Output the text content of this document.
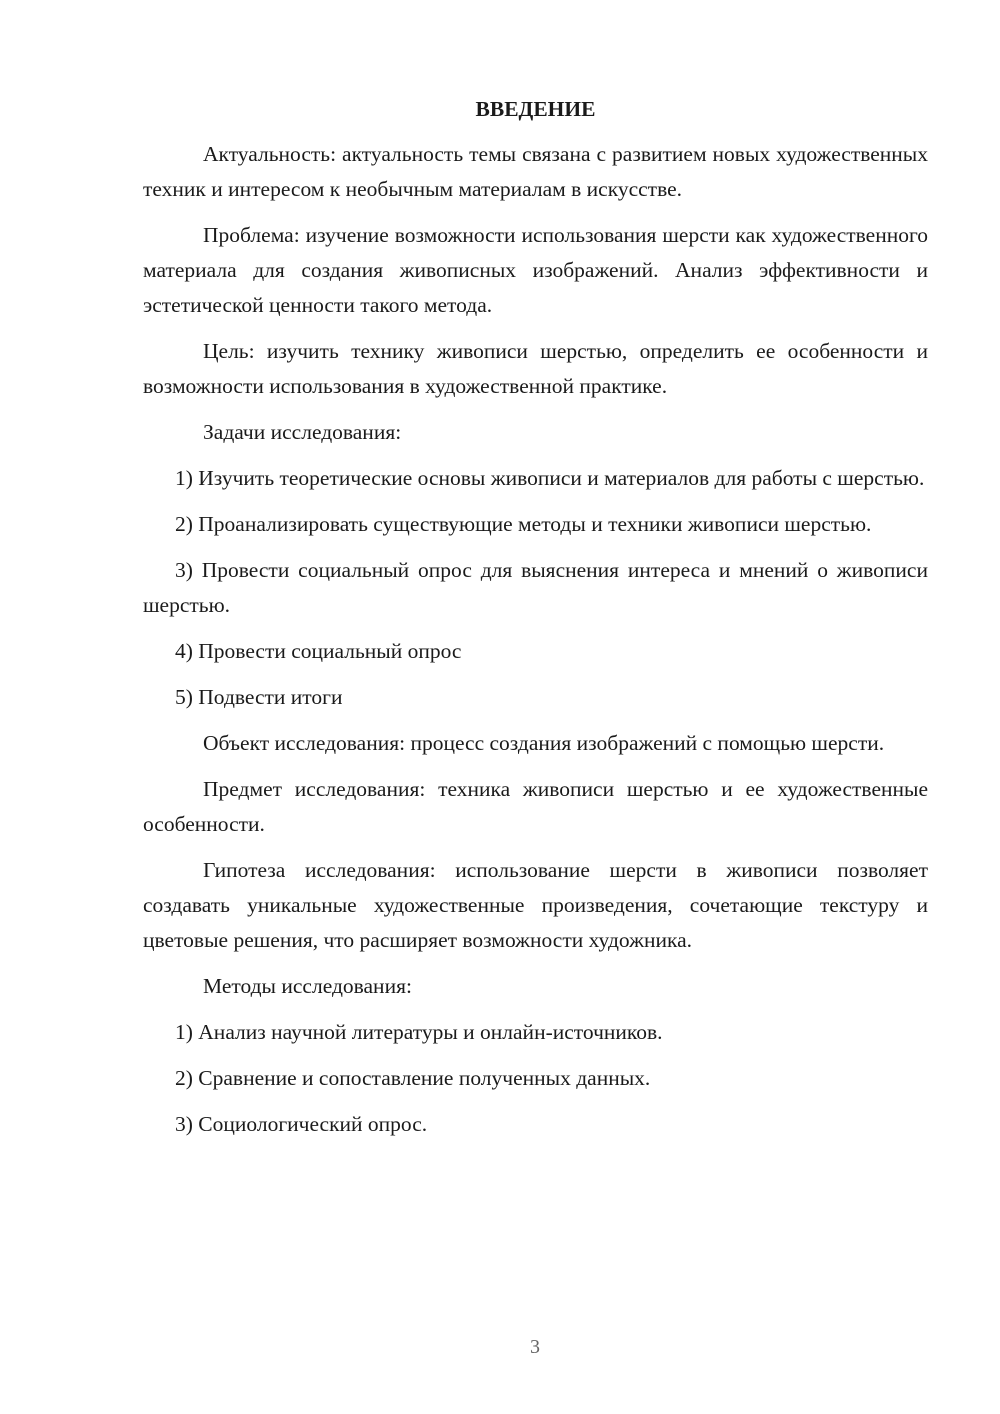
ВВЕДЕНИЕ

Актуальность: актуальность темы связана с развитием новых художественных техник и интересом к необычным материалам в искусстве.

Проблема: изучение возможности использования шерсти как художественного материала для создания живописных изображений. Анализ эффективности и эстетической ценности такого метода.

Цель: изучить технику живописи шерстью, определить ее особенности и возможности использования в художественной практике.

Задачи исследования:

1) Изучить теоретические основы живописи и материалов для работы с шерстью.

2) Проанализировать существующие методы и техники живописи шерстью.

3) Провести социальный опрос для выяснения интереса и мнений о живописи шерстью.

4) Провести социальный опрос

5) Подвести итоги

Объект исследования: процесс создания изображений с помощью шерсти.

Предмет исследования: техника живописи шерстью и ее художественные особенности.

Гипотеза исследования: использование шерсти в живописи позволяет создавать уникальные художественные произведения, сочетающие текстуру и цветовые решения, что расширяет возможности художника.

Методы исследования:

1) Анализ научной литературы и онлайн-источников.

2) Сравнение и сопоставление полученных данных.

3) Социологический опрос.

3
